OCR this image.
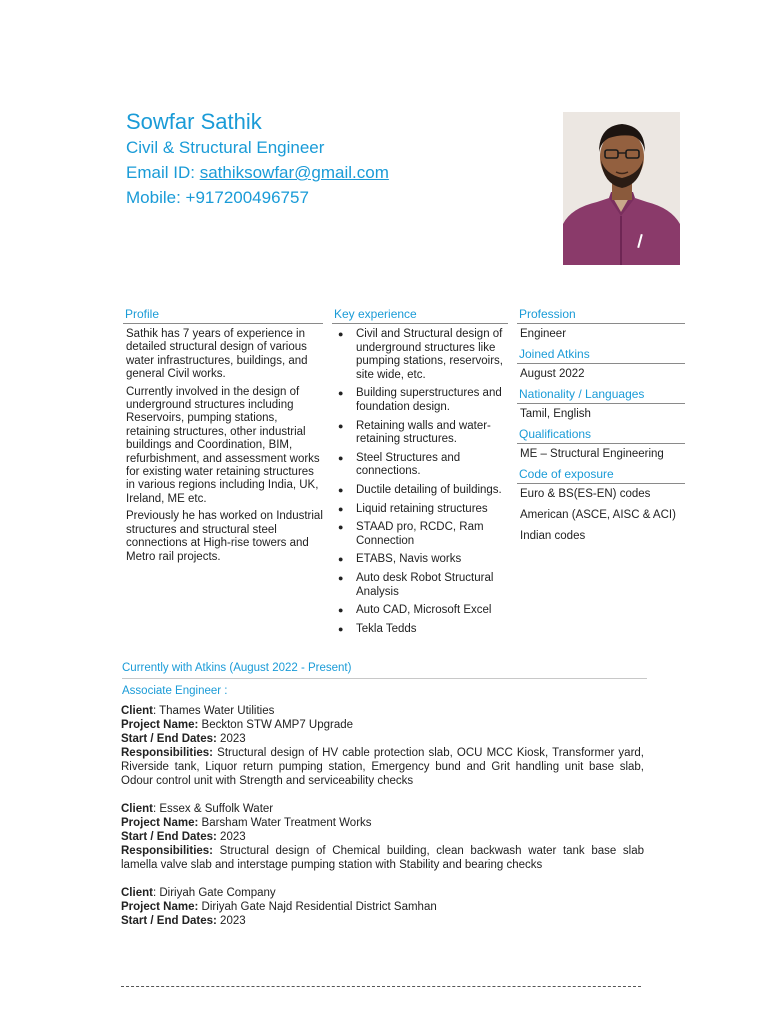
Sowfar Sathik
Civil & Structural Engineer
Email ID: sathiksowfar@gmail.com
Mobile: +917200496757
Profile

Sathik has 7 years of experience in detailed structural design of various water infrastructures, buildings, and general Civil works.

Currently involved in the design of underground structures including Reservoirs, pumping stations, retaining structures, other industrial buildings and Coordination, BIM, refurbishment, and assessment works for existing water retaining structures in various regions including India, UK, Ireland, ME etc.

Previously he has worked on Industrial structures and structural steel connections at High-rise towers and Metro rail projects.

Key experience
● Civil and Structural design of underground structures like pumping stations, reservoirs, site wide, etc.
● Building superstructures and foundation design.
● Retaining walls and water-retaining structures.
● Steel Structures and connections.
● Ductile detailing of buildings.
● Liquid retaining structures
● STAAD pro, RCDC, Ram Connection
● ETABS, Navis works
● Auto desk Robot Structural Analysis
● Auto CAD, Microsoft Excel
● Tekla Tedds
Profession
Engineer
Joined Atkins
August 2022
Nationality / Languages
Tamil, English
Qualifications
ME – Structural Engineering
Code of exposure
Euro & BS(ES-EN) codes
American (ASCE, AISC & ACI)
Indian codes
Currently with Atkins (August 2022 - Present)
Associate Engineer :
Client: Thames Water Utilities
Project Name: Beckton STW AMP7 Upgrade
Start / End Dates: 2023
Responsibilities: Structural design of HV cable protection slab, OCU MCC Kiosk, Transformer yard, Riverside tank, Liquor return pumping station, Emergency bund and Grit handling unit base slab, Odour control unit with Strength and serviceability checks
Client: Essex & Suffolk Water
Project Name: Barsham Water Treatment Works
Start / End Dates: 2023
Responsibilities: Structural design of Chemical building, clean backwash water tank base slab lamella valve slab and interstage pumping station with Stability and bearing checks
Client: Diriyah Gate Company
Project Name: Diriyah Gate Najd Residential District Samhan
Start / End Dates: 2023
